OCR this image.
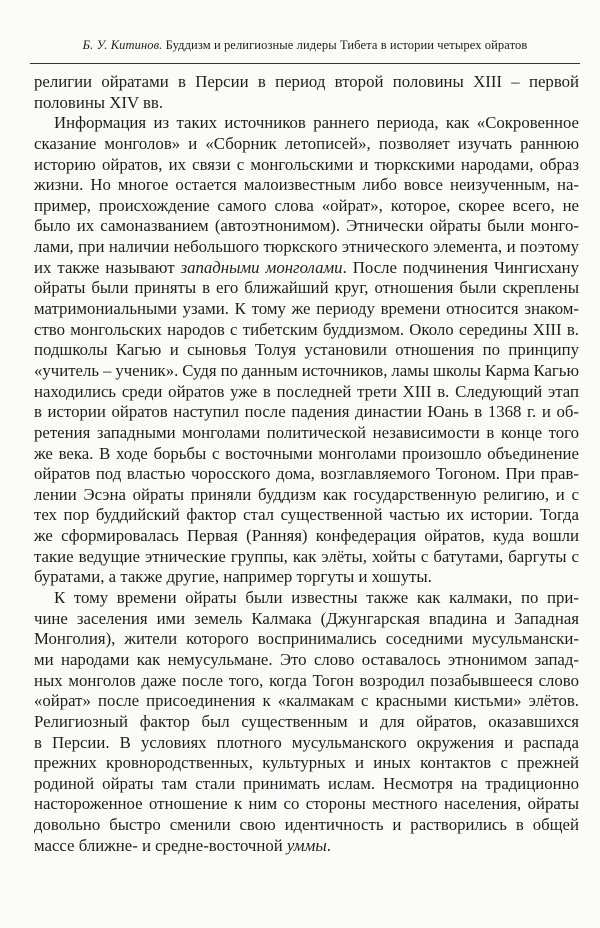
Б. У. Китинов. Буддизм и религиозные лидеры Тибета в истории четырех ойратов
религии ойратами в Персии в период второй половины XIII – первой
половины XIV вв.
Информация из таких источников раннего периода, как «Сокровенное
сказание монголов» и «Сборник летописей», позволяет изучать раннюю
историю ойратов, их связи с монгольскими и тюркскими народами, образ
жизни. Но многое остается малоизвестным либо вовсе неизученным, на-
пример, происхождение самого слова «ойрат», которое, скорее всего, не
было их самоназванием (автоэтнонимом). Этнически ойраты были монго-
лами, при наличии небольшого тюркского этнического элемента, и поэтому
их также называют западными монголами. После подчинения Чингисхану
ойраты были приняты в его ближайший круг, отношения были скреплены
матримониальными узами. К тому же периоду времени относится знаком-
ство монгольских народов с тибетским буддизмом. Около середины XIII в.
подшколы Кагью и сыновья Толуя установили отношения по принципу
«учитель – ученик». Судя по данным источников, ламы школы Карма Кагью
находились среди ойратов уже в последней трети XIII в. Следующий этап
в истории ойратов наступил после падения династии Юань в 1368 г. и об-
ретения западными монголами политической независимости в конце того
же века. В ходе борьбы с восточными монголами произошло объединение
ойратов под властью чоросского дома, возглавляемого Тогоном. При прав-
лении Эсэна ойраты приняли буддизм как государственную религию, и с
тех пор буддийский фактор стал существенной частью их истории. Тогда
же сформировалась Первая (Ранняя) конфедерация ойратов, куда вошли
такие ведущие этнические группы, как элёты, хойты с батутами, баргуты с
буратами, а также другие, например торгуты и хошуты.
К тому времени ойраты были известны также как калмаки, по при-
чине заселения ими земель Калмака (Джунгарская впадина и Западная
Монголия), жители которого воспринимались соседними мусульмански-
ми народами как немусульмане. Это слово оставалось этнонимом запад-
ных монголов даже после того, когда Тогон возродил позабывшееся слово
«ойрат» после присоединения к «калмакам с красными кистьми» элётов.
Религиозный фактор был существенным и для ойратов, оказавшихся
в Персии. В условиях плотного мусульманского окружения и распада
прежних кровнородственных, культурных и иных контактов с прежней
родиной ойраты там стали принимать ислам. Несмотря на традиционно
настороженное отношение к ним со стороны местного населения, ойраты
довольно быстро сменили свою идентичность и растворились в общей
массе ближне- и средне-восточной уммы.
